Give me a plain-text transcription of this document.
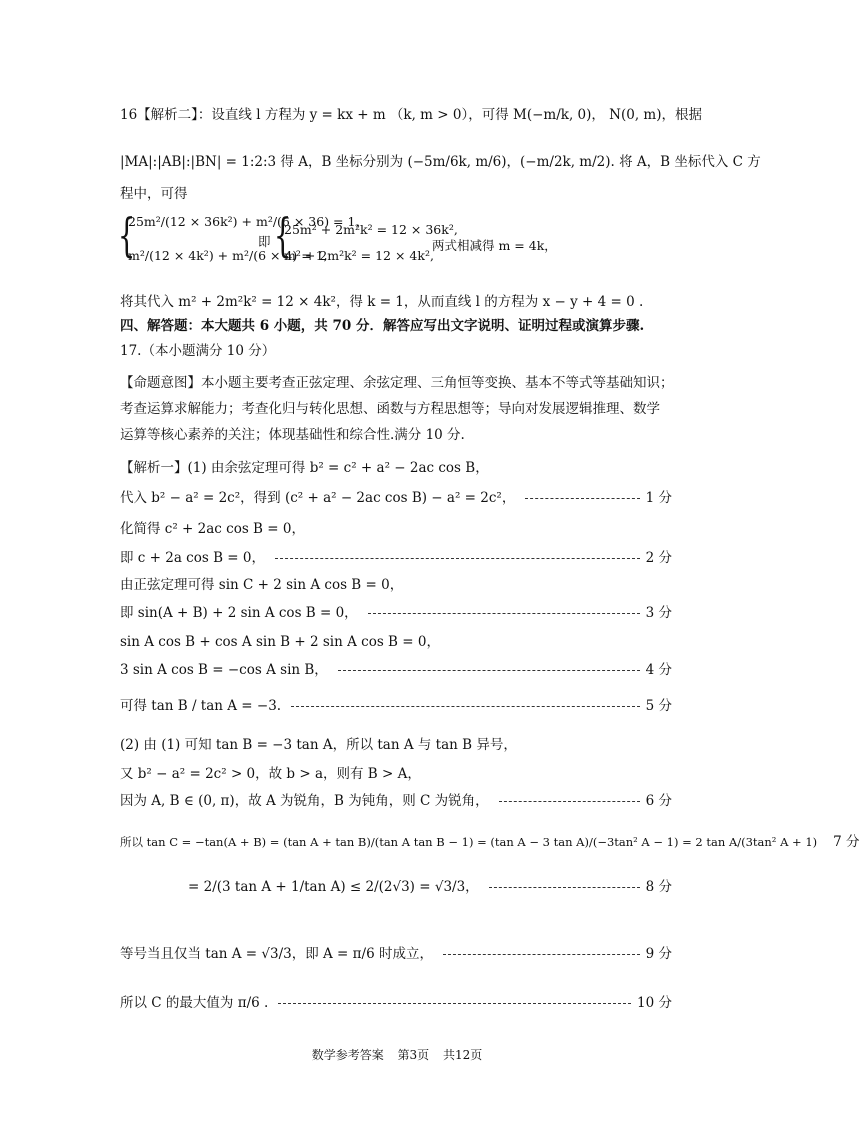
16【解析二】：设直线 l 方程为 y = kx + m （k, m > 0），可得 M(−m/k, 0)， N(0, m)，根据
|MA|:|AB|:|BN| = 1:2:3 得 A，B 坐标分别为 (−5m/6k, m/6)，(−m/2k, m/2). 将 A，B 坐标代入 C 方
程中，可得
{
25m²/(12 × 36k²) + m²/(6 × 36) = 1,
m²/(12 × 4k²) + m²/(6 × 4) = 1,
即 {
25m² + 2m²k² = 12 × 36k²,
m² + 2m²k² = 12 × 4k²,
两式相减得 m = 4k，
将其代入 m² + 2m²k² = 12 × 4k²，得 k = 1，从而直线 l 的方程为 x − y + 4 = 0 .
四、解答题：本大题共 6 小题，共 70 分．解答应写出文字说明、证明过程或演算步骤.
17.（本小题满分 10 分）
【命题意图】本小题主要考查正弦定理、余弦定理、三角恒等变换、基本不等式等基础知识；
考查运算求解能力；考查化归与转化思想、函数与方程思想等；导向对发展逻辑推理、数学
运算等核心素养的关注；体现基础性和综合性.满分 10 分.
【解析一】(1) 由余弦定理可得 b² = c² + a² − 2ac cos B，
代入 b² − a² = 2c²，得到 (c² + a² − 2ac cos B) − a² = 2c²，	1 分
化简得 c² + 2ac cos B = 0，
即 c + 2a cos B = 0，	2 分
由正弦定理可得 sin C + 2 sin A cos B = 0，
即 sin(A + B) + 2 sin A cos B = 0，	3 分
sin A cos B + cos A sin B + 2 sin A cos B = 0，
3 sin A cos B = −cos A sin B，	4 分
可得 tan B / tan A = −3.	5 分
(2) 由 (1) 可知 tan B = −3 tan A，所以 tan A 与 tan B 异号，
又 b² − a² = 2c² > 0，故 b > a，则有 B > A，
因为 A, B ∈ (0, π)，故 A 为锐角，B 为钝角，则 C 为锐角，	6 分
所以 tan C = −tan(A + B) = (tan A + tan B)/(tan A tan B − 1) = (tan A − 3 tan A)/(−3tan² A − 1) = 2 tan A/(3tan² A + 1) 7 分
= 2/(3 tan A + 1/tan A) ≤ 2/(2√3) = √3/3，	8 分
等号当且仅当 tan A = √3/3，即 A = π/6 时成立，	9 分
所以 C 的最大值为 π/6 .	10 分
数学参考答案 第3页 共12页
